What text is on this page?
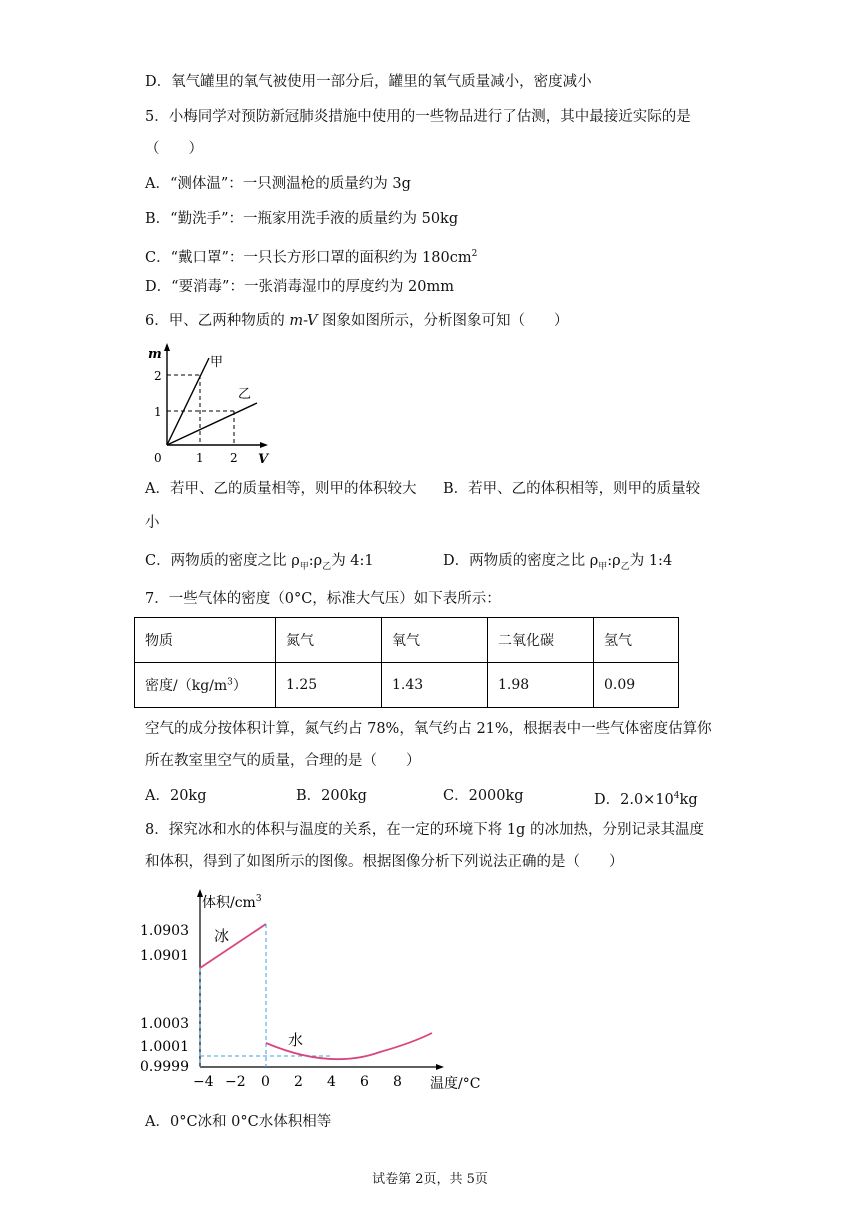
D．氧气罐里的氧气被使用一部分后，罐里的氧气质量减小，密度减小
5．小梅同学对预防新冠肺炎措施中使用的一些物品进行了估测，其中最接近实际的是
（　　）
A．“测体温”：一只测温枪的质量约为 3g
B．“勤洗手”：一瓶家用洗手液的质量约为 50kg
C．“戴口罩”：一只长方形口罩的面积约为 $180cm^2$
D．“要消毒”：一张消毒湿巾的厚度约为 20mm
6．甲、乙两种物质的 m-V 图象如图所示，分析图象可知（　　）
m
2
1
0	1 2 V
甲
乙
A．若甲、乙的质量相等，则甲的体积较大 B．若甲、乙的体积相等，则甲的质量较
小
C．两物质的密度之比 $\rho_甲:\rho_乙$为 4:1	D．两物质的密度之比 $\rho_甲:\rho_乙$为 1:4
7．一些气体的密度（0°C，标准大气压）如下表所示：
物质	氮气	氧气	二氧化碳	氢气
密度$/(kg/m^3)$	1.25	1.43	1.98	0.09
空气的成分按体积计算，氮气约占 78%，氧气约占 21%，根据表中一些气体密度估算你
所在教室里空气的质量，合理的是（　　）
A．20kg	B．200kg	C．2000kg	D．$2.0\times 10^4kg$
8．探究冰和水的体积与温度的关系，在一定的环境下将 1g 的冰加热，分别记录其温度
和体积，得到了如图所示的图像。根据图像分析下列说法正确的是（　　）
体积$/cm^3$
1.0903
1.0901
1.0003
1.0001
0.9999
−4 −2 0 2 4 6 8 温度/°C
冰
水
A．0°C冰和 0°C水体积相等
试卷第 2页，共 5页
